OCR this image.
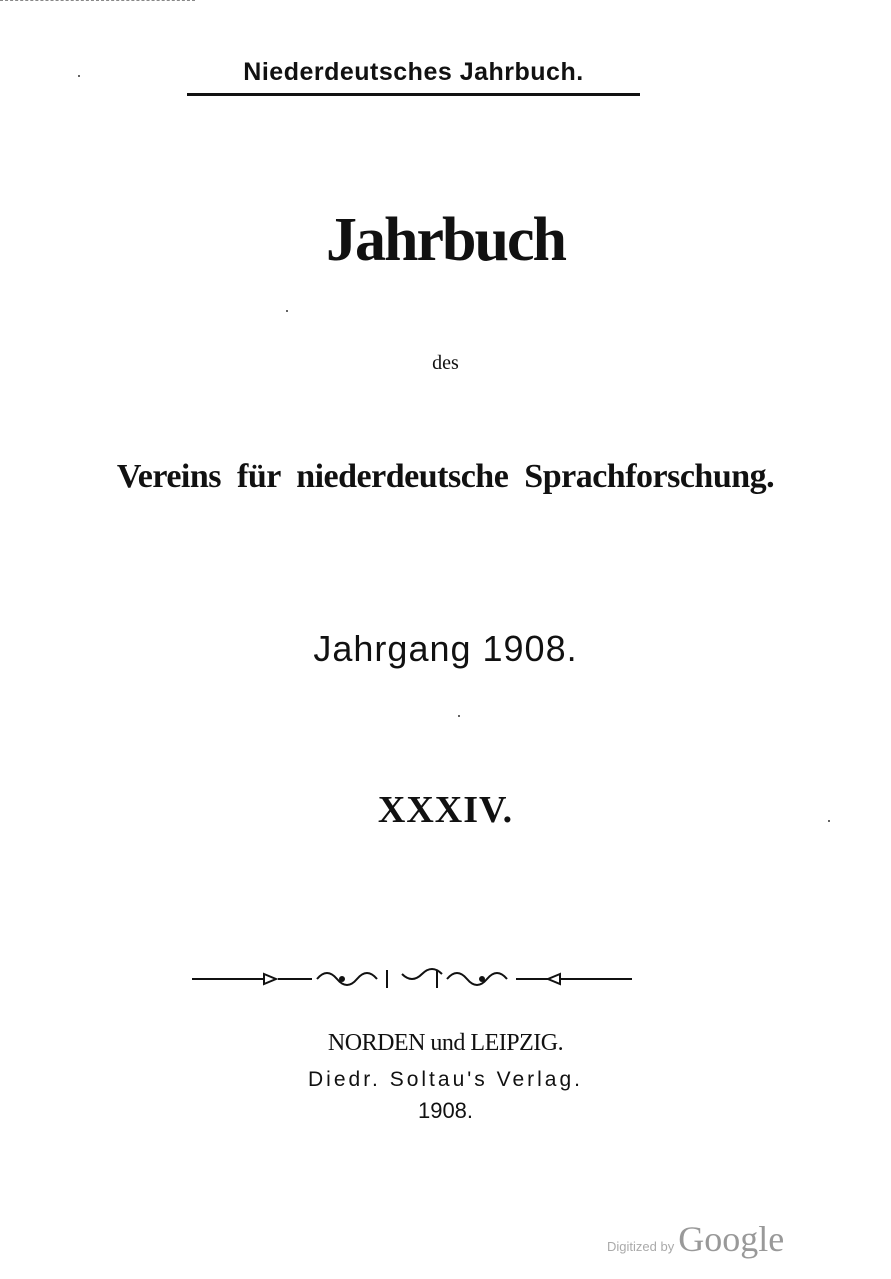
Niederdeutsches Jahrbuch.
Jahrbuch
des
Vereins für niederdeutsche Sprachforschung.
Jahrgang 1908.
XXXIV.
NORDEN und LEIPZIG.
Diedr. Soltau's Verlag.
1908.
Digitized by Google
